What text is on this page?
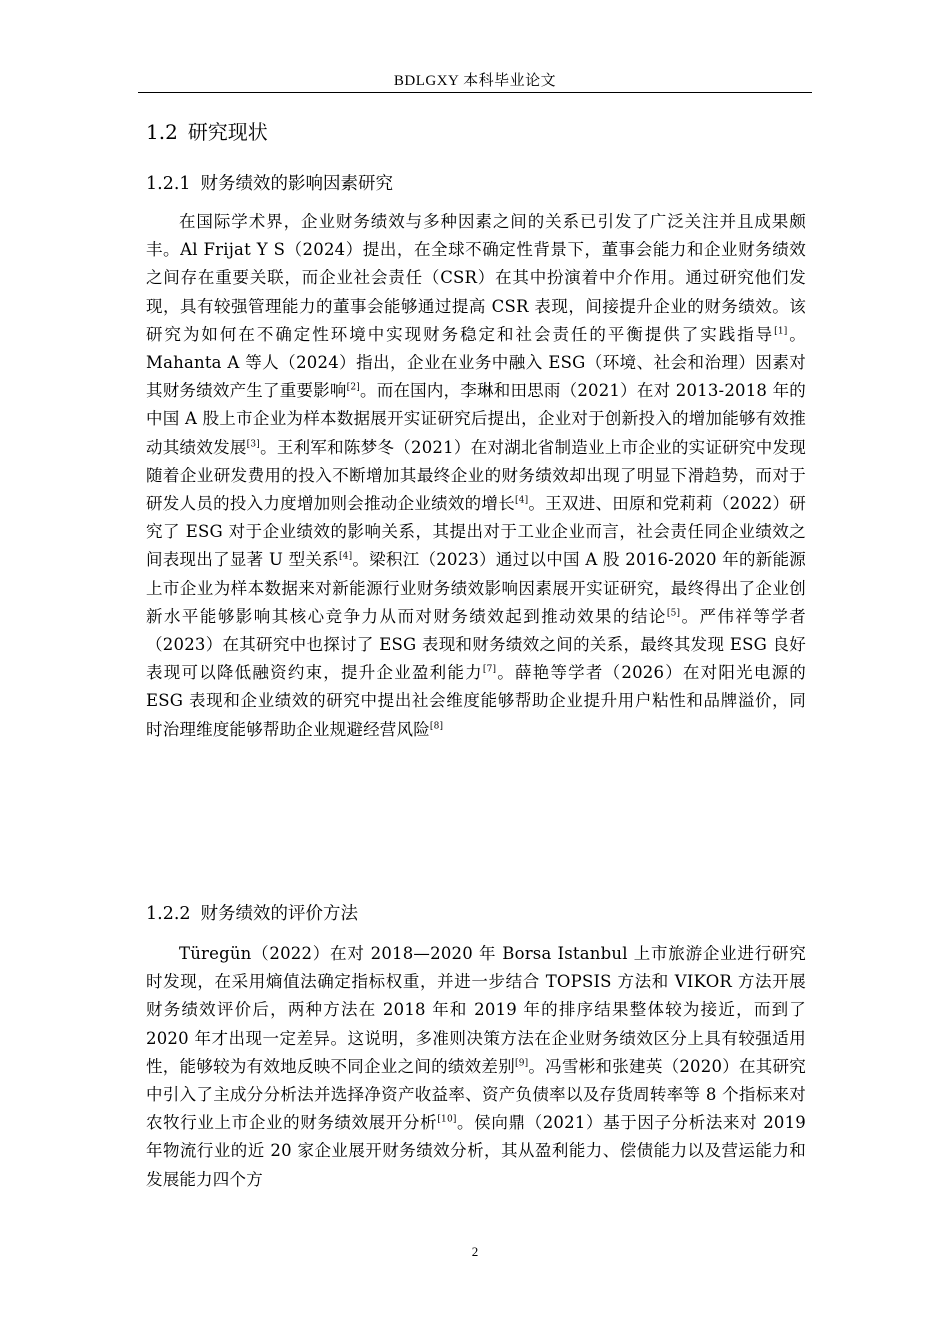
BDLGXY 本科毕业论文
1.2 研究现状
1.2.1 财务绩效的影响因素研究

在国际学术界，企业财务绩效与多种因素之间的关系已引发了广泛关注并且成果颇丰。Al Frijat Y S（2024）提出，在全球不确定性背景下，董事会能力和企业财务绩效之间存在重要关联，而企业社会责任（CSR）在其中扮演着中介作用。通过研究他们发现，具有较强管理能力的董事会能够通过提高 CSR 表现，间接提升企业的财务绩效。该研究为如何在不确定性环境中实现财务稳定和社会责任的平衡提供了实践指导[1]。Mahanta A 等人（2024）指出，企业在业务中融入 ESG（环境、社会和治理）因素对其财务绩效产生了重要影响[2]。而在国内，李琳和田思雨（2021）在对 2013-2018 年的中国 A 股上市企业为样本数据展开实证研究后提出，企业对于创新投入的增加能够有效推动其绩效发展[3]。王利军和陈梦冬（2021）在对湖北省制造业上市企业的实证研究中发现随着企业研发费用的投入不断增加其最终企业的财务绩效却出现了明显下滑趋势，而对于研发人员的投入力度增加则会推动企业绩效的增长[4]。王双进、田原和党莉莉（2022）研究了 ESG 对于企业绩效的影响关系，其提出对于工业企业而言，社会责任同企业绩效之间表现出了显著 U 型关系[4]。梁积江（2023）通过以中国 A 股 2016-2020 年的新能源上市企业为样本数据来对新能源行业财务绩效影响因素展开实证研究，最终得出了企业创新水平能够影响其核心竞争力从而对财务绩效起到推动效果的结论[5]。严伟祥等学者（2023）在其研究中也探讨了 ESG 表现和财务绩效之间的关系，最终其发现 ESG 良好表现可以降低融资约束，提升企业盈利能力[7]。薛艳等学者（2026）在对阳光电源的 ESG 表现和企业绩效的研究中提出社会维度能够帮助企业提升用户粘性和品牌溢价，同时治理维度能够帮助企业规避经营风险[8]

1.2.2 财务绩效的评价方法

Türegün（2022）在对 2018—2020 年 Borsa Istanbul 上市旅游企业进行研究时发现，在采用熵值法确定指标权重，并进一步结合 TOPSIS 方法和 VIKOR 方法开展财务绩效评价后，两种方法在 2018 年和 2019 年的排序结果整体较为接近，而到了 2020 年才出现一定差异。这说明，多准则决策方法在企业财务绩效区分上具有较强适用性，能够较为有效地反映不同企业之间的绩效差别[9]。冯雪彬和张建英（2020）在其研究中引入了主成分分析法并选择净资产收益率、资产负债率以及存货周转率等 8 个指标来对农牧行业上市企业的财务绩效展开分析[10]。侯向鼎（2021）基于因子分析法来对 2019 年物流行业的近 20 家企业展开财务绩效分析，其从盈利能力、偿债能力以及营运能力和发展能力四个方

2
